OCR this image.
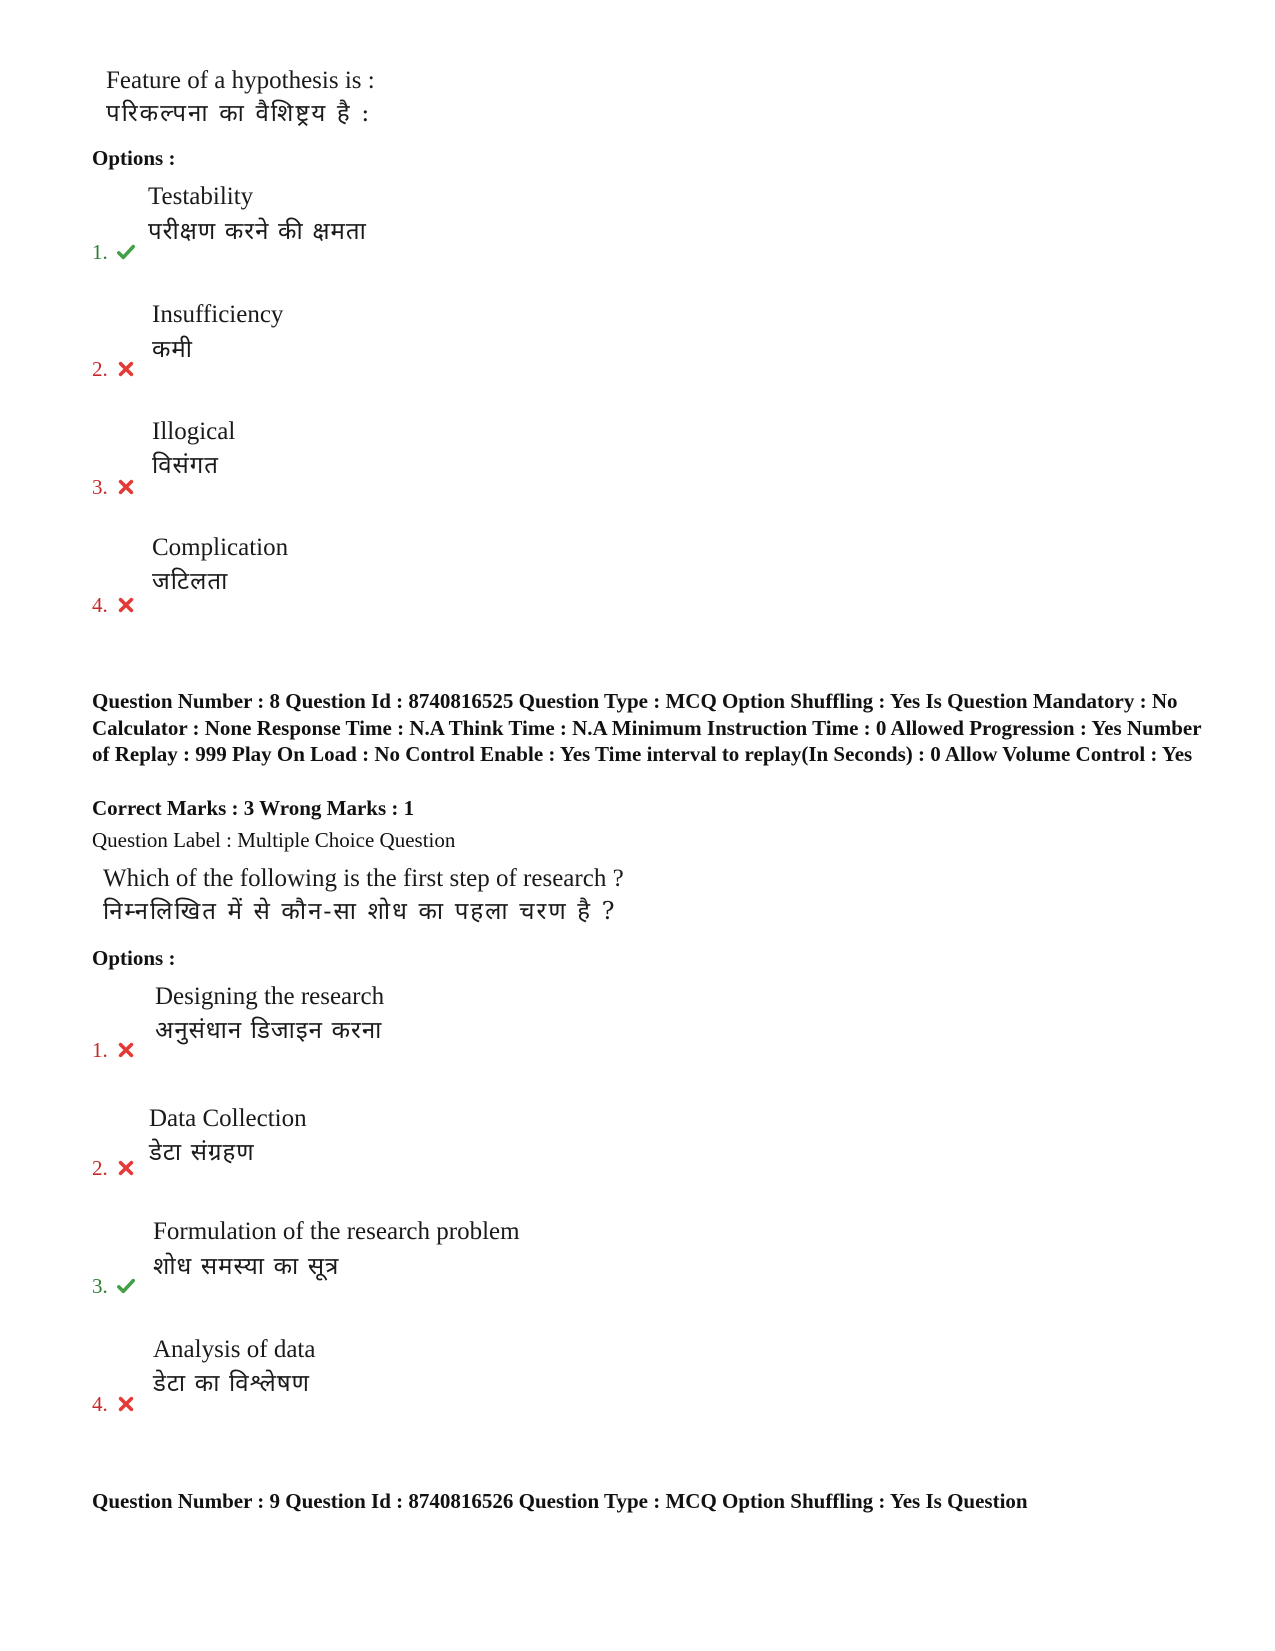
Feature of a hypothesis is :
परिकल्पना का वैशिष्ट्रय है :
Options :
Testability
परीक्षण करने की क्षमता
1.
Insufficiency
कमी
2.
Illogical
विसंगत
3.
Complication
जटिलता
4.
Question Number : 8 Question Id : 8740816525 Question Type : MCQ Option Shuffling : Yes Is Question Mandatory : No Calculator : None Response Time : N.A Think Time : N.A Minimum Instruction Time : 0 Allowed Progression : Yes Number of Replay : 999 Play On Load : No Control Enable : Yes Time interval to replay(In Seconds) : 0 Allow Volume Control : Yes
Correct Marks : 3 Wrong Marks : 1
Question Label : Multiple Choice Question
Which of the following is the first step of research ?
निम्नलिखित में से कौन-सा शोध का पहला चरण है ?
Options :
Designing the research
अनुसंधान डिजाइन करना
1.
Data Collection
डेटा संग्रहण
2.
Formulation of the research problem
शोध समस्या का सूत्र
3.
Analysis of data
डेटा का विश्लेषण
4.
Question Number : 9 Question Id : 8740816526 Question Type : MCQ Option Shuffling : Yes Is Question
